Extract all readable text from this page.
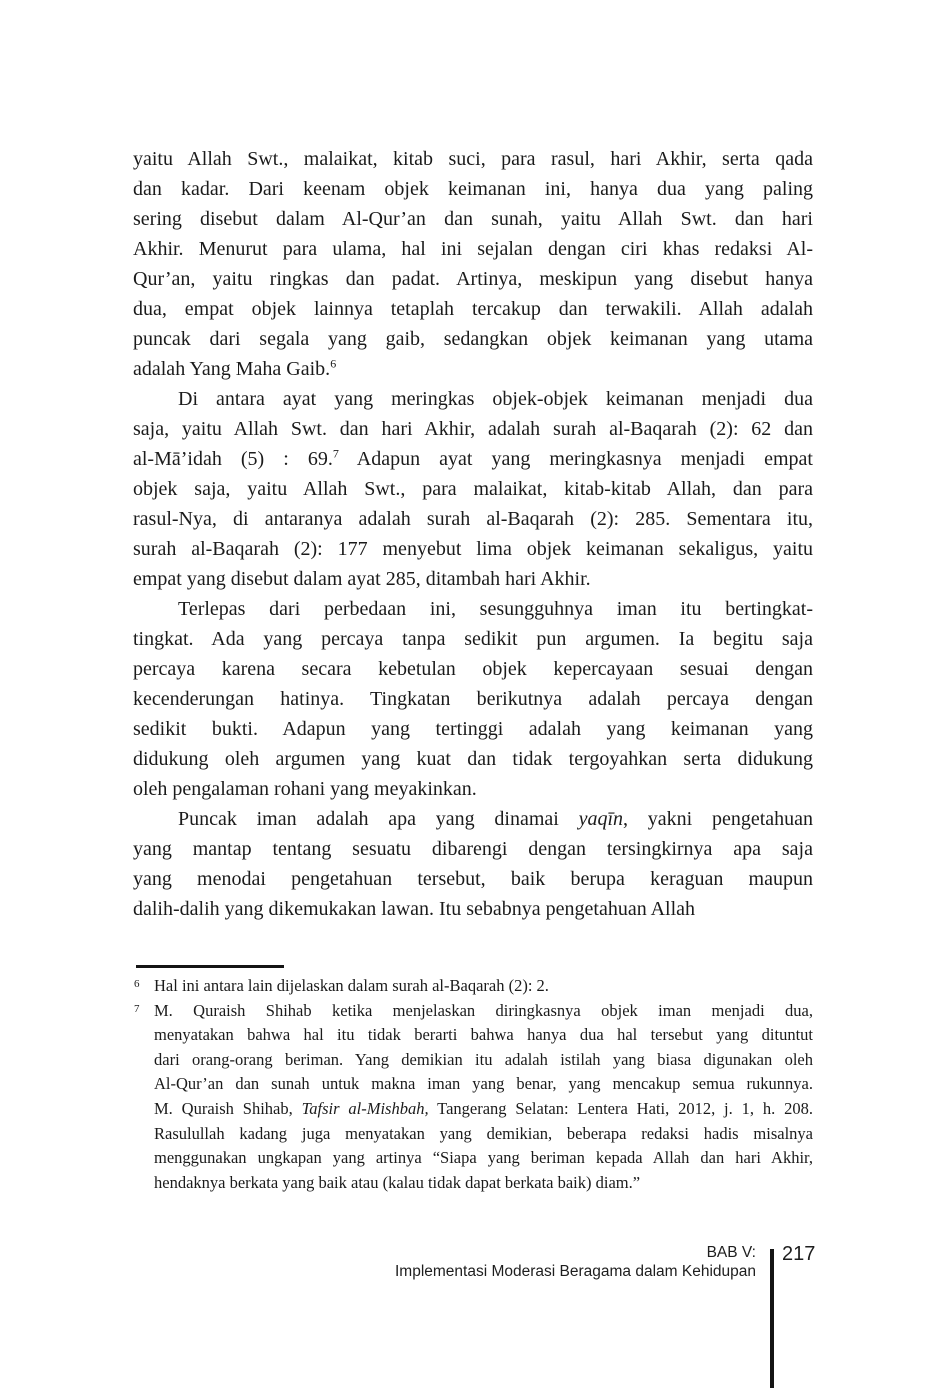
yaitu Allah Swt., malaikat, kitab suci, para rasul, hari Akhir, serta qada
dan kadar. Dari keenam objek keimanan ini, hanya dua yang paling
sering disebut dalam Al-Qur’an dan sunah, yaitu Allah Swt. dan hari
Akhir. Menurut para ulama, hal ini sejalan dengan ciri khas redaksi Al-
Qur’an, yaitu ringkas dan padat. Artinya, meskipun yang disebut hanya
dua, empat objek lainnya tetaplah tercakup dan terwakili. Allah adalah
puncak dari segala yang gaib, sedangkan objek keimanan yang utama
adalah Yang Maha Gaib.$^6$
Di antara ayat yang meringkas objek-objek keimanan menjadi dua
saja, yaitu Allah Swt. dan hari Akhir, adalah surah al-Baqarah (2): 62 dan
al-Mā’idah (5) : 69.$^7$ Adapun ayat yang meringkasnya menjadi empat
objek saja, yaitu Allah Swt., para malaikat, kitab-kitab Allah, dan para
rasul-Nya, di antaranya adalah surah al-Baqarah (2): 285. Sementara itu,
surah al-Baqarah (2): 177 menyebut lima objek keimanan sekaligus, yaitu
empat yang disebut dalam ayat 285, ditambah hari Akhir.
Terlepas dari perbedaan ini, sesungguhnya iman itu bertingkat-
tingkat. Ada yang percaya tanpa sedikit pun argumen. Ia begitu saja
percaya karena secara kebetulan objek kepercayaan sesuai dengan
kecenderungan hatinya. Tingkatan berikutnya adalah percaya dengan
sedikit bukti. Adapun yang tertinggi adalah yang keimanan yang
didukung oleh argumen yang kuat dan tidak tergoyahkan serta didukung
oleh pengalaman rohani yang meyakinkan.
Puncak iman adalah apa yang dinamai yaqīn, yakni pengetahuan
yang mantap tentang sesuatu dibarengi dengan tersingkirnya apa saja
yang menodai pengetahuan tersebut, baik berupa keraguan maupun
dalih-dalih yang dikemukakan lawan. Itu sebabnya pengetahuan Allah
6 Hal ini antara lain dijelaskan dalam surah al-Baqarah (2): 2.
7 M. Quraish Shihab ketika menjelaskan diringkasnya objek iman menjadi dua,
menyatakan bahwa hal itu tidak berarti bahwa hanya dua hal tersebut yang dituntut
dari orang-orang beriman. Yang demikian itu adalah istilah yang biasa digunakan oleh
Al-Qur’an dan sunah untuk makna iman yang benar, yang mencakup semua rukunnya.
M. Quraish Shihab, Tafsir al-Mishbah, Tangerang Selatan: Lentera Hati, 2012, j. 1, h. 208.
Rasulullah kadang juga menyatakan yang demikian, beberapa redaksi hadis misalnya
menggunakan ungkapan yang artinya “Siapa yang beriman kepada Allah dan hari Akhir,
hendaknya berkata yang baik atau (kalau tidak dapat berkata baik) diam.”
BAB V:
Implementasi Moderasi Beragama dalam Kehidupan
217
